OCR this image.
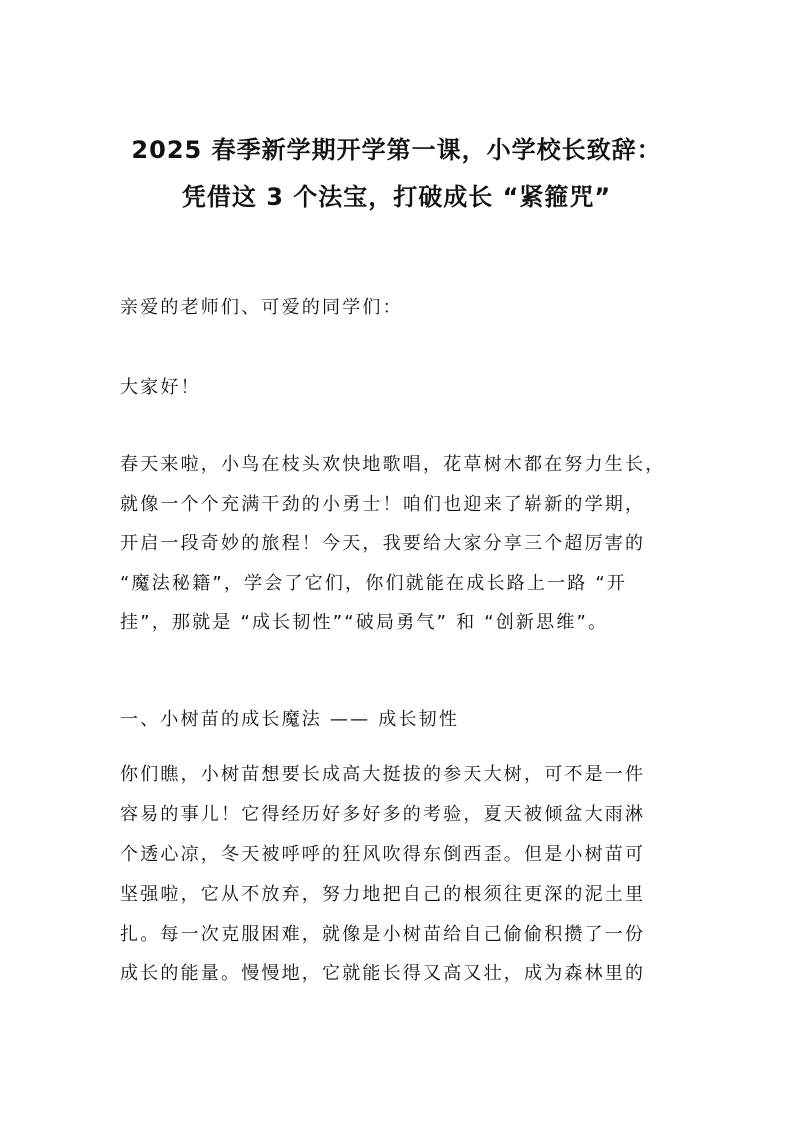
2025 春季新学期开学第一课，小学校长致辞：
凭借这 3 个法宝，打破成长 “紧箍咒”
亲爱的老师们、可爱的同学们：
大家好！
春天来啦，小鸟在枝头欢快地歌唱，花草树木都在努力生长，
就像一个个充满干劲的小勇士！咱们也迎来了崭新的学期，
开启一段奇妙的旅程！今天，我要给大家分享三个超厉害的
“魔法秘籍”，学会了它们，你们就能在成长路上一路 “开
挂”，那就是 “成长韧性”“破局勇气” 和 “创新思维”。
一、小树苗的成长魔法 —— 成长韧性
你们瞧，小树苗想要长成高大挺拔的参天大树，可不是一件
容易的事儿！它得经历好多好多的考验，夏天被倾盆大雨淋
个透心凉，冬天被呼呼的狂风吹得东倒西歪。但是小树苗可
坚强啦，它从不放弃，努力地把自己的根须往更深的泥土里
扎。每一次克服困难，就像是小树苗给自己偷偷积攒了一份
成长的能量。慢慢地，它就能长得又高又壮，成为森林里的
